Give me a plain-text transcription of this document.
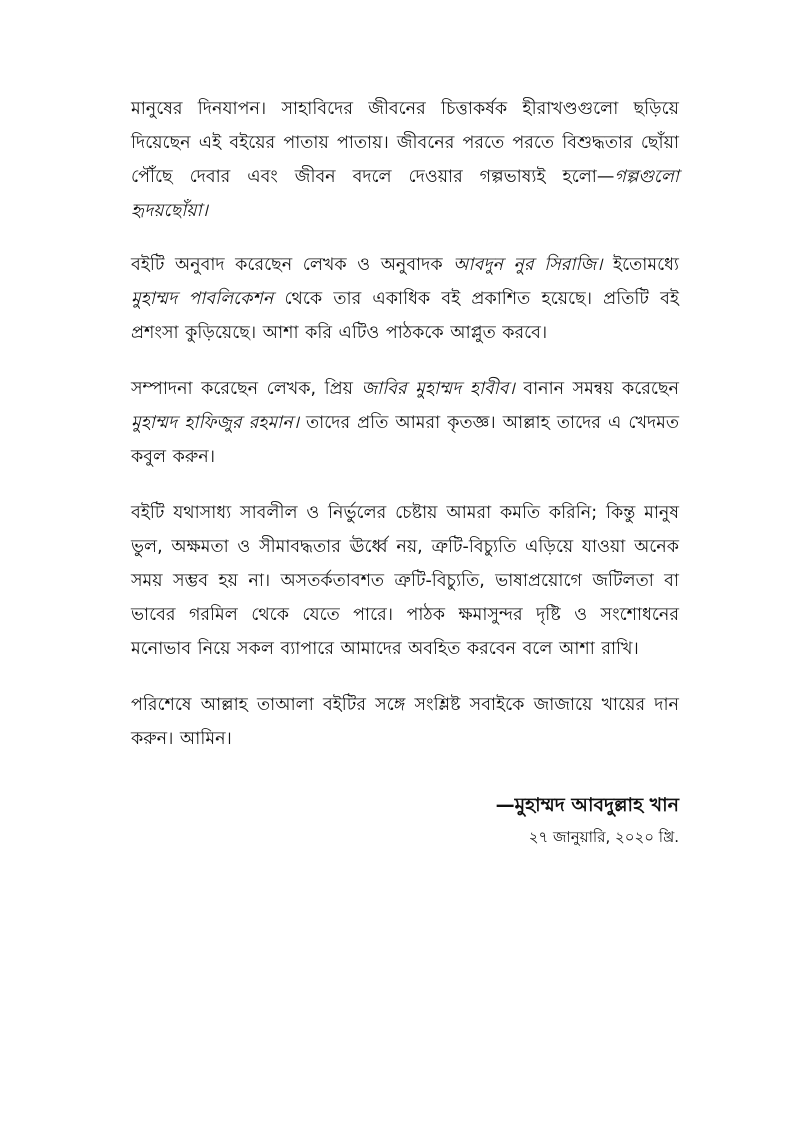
মানুষের দিনযাপন। সাহাবিদের জীবনের চিত্তাকর্ষক হীরাখণ্ডগুলো ছড়িয়ে দিয়েছেন এই বইয়ের পাতায় পাতায়। জীবনের পরতে পরতে বিশুদ্ধতার ছোঁয়া পৌঁছে দেবার এবং জীবন বদলে দেওয়ার গল্পভাষ্যই হলো—গল্পগুলো হৃদয়ছোঁয়া।

বইটি অনুবাদ করেছেন লেখক ও অনুবাদক আবদুন নুর সিরাজি। ইতোমধ্যে মুহাম্মদ পাবলিকেশন থেকে তার একাধিক বই প্রকাশিত হয়েছে। প্রতিটি বই প্রশংসা কুড়িয়েছে। আশা করি এটিও পাঠককে আপ্লুত করবে।

সম্পাদনা করেছেন লেখক, প্রিয় জাবির মুহাম্মদ হাবীব। বানান সমন্বয় করেছেন মুহাম্মদ হাফিজুর রহমান। তাদের প্রতি আমরা কৃতজ্ঞ। আল্লাহ তাদের এ খেদমত কবুল করুন।

বইটি যথাসাধ্য সাবলীল ও নির্ভুলের চেষ্টায় আমরা কমতি করিনি; কিন্তু মানুষ ভুল, অক্ষমতা ও সীমাবদ্ধতার ঊর্ধ্বে নয়, ত্রুটি-বিচ্যুতি এড়িয়ে যাওয়া অনেক সময় সম্ভব হয় না। অসতর্কতাবশত ত্রুটি-বিচ্যুতি, ভাষাপ্রয়োগে জটিলতা বা ভাবের গরমিল থেকে যেতে পারে। পাঠক ক্ষমাসুন্দর দৃষ্টি ও সংশোধনের মনোভাব নিয়ে সকল ব্যাপারে আমাদের অবহিত করবেন বলে আশা রাখি।

পরিশেষে আল্লাহ তাআলা বইটির সঙ্গে সংশ্লিষ্ট সবাইকে জাজায়ে খায়ের দান করুন। আমিন।

—মুহাম্মদ আবদুল্লাহ খান
২৭ জানুয়ারি, ২০২০ খ্রি.
